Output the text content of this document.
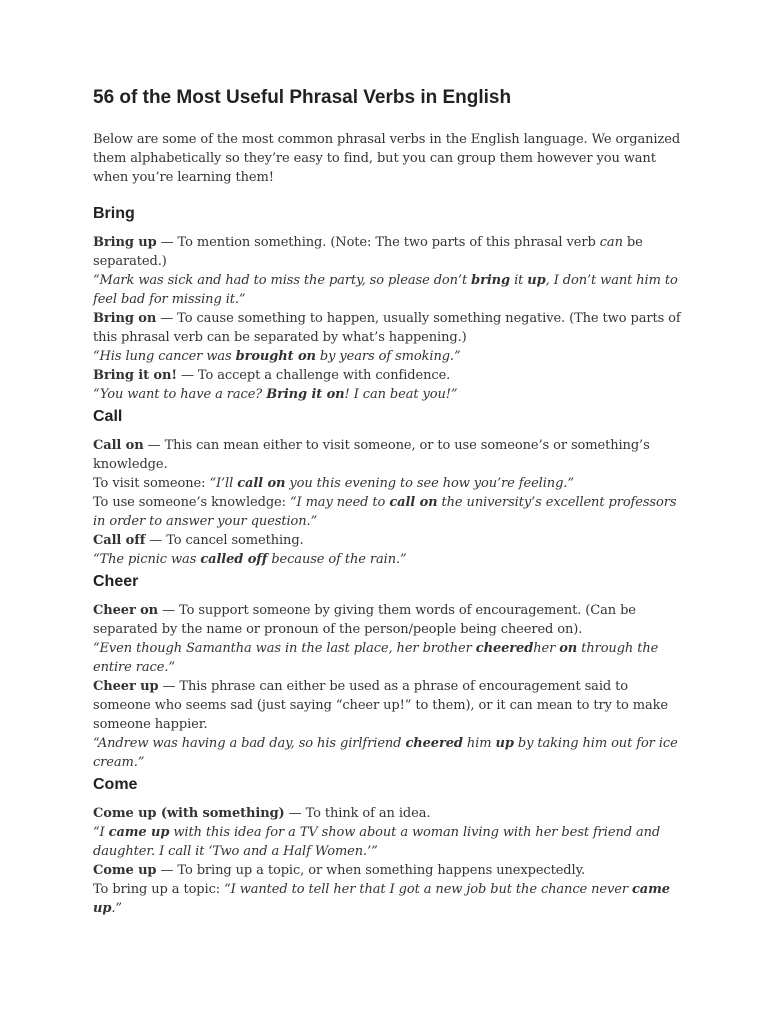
56 of the Most Useful Phrasal Verbs in English

Below are some of the most common phrasal verbs in the English language. We organized them alphabetically so they’re easy to find, but you can group them however you want when you’re learning them!

Bring

Bring up — To mention something. (Note: The two parts of this phrasal verb can be separated.)

“Mark was sick and had to miss the party, so please don’t bring it up, I don’t want him to feel bad for missing it.”

Bring on — To cause something to happen, usually something negative. (The two parts of this phrasal verb can be separated by what’s happening.)

“His lung cancer was brought on by years of smoking.”

Bring it on! — To accept a challenge with confidence.

“You want to have a race? Bring it on! I can beat you!”

Call

Call on — This can mean either to visit someone, or to use someone’s or something’s knowledge.

To visit someone: “I’ll call on you this evening to see how you’re feeling.”

To use someone’s knowledge: “I may need to call on the university’s excellent professors in order to answer your question.”

Call off — To cancel something.

“The picnic was called off because of the rain.”

Cheer

Cheer on — To support someone by giving them words of encouragement. (Can be separated by the name or pronoun of the person/people being cheered on).

“Even though Samantha was in the last place, her brother cheeredher on through the entire race.”

Cheer up — This phrase can either be used as a phrase of encouragement said to someone who seems sad (just saying “cheer up!” to them), or it can mean to try to make someone happier.

“Andrew was having a bad day, so his girlfriend cheered him up by taking him out for ice cream.”

Come

Come up (with something) — To think of an idea.

“I came up with this idea for a TV show about a woman living with her best friend and daughter. I call it ‘Two and a Half Women.’”

Come up — To bring up a topic, or when something happens unexpectedly.

To bring up a topic: “I wanted to tell her that I got a new job but the chance never came up.”
